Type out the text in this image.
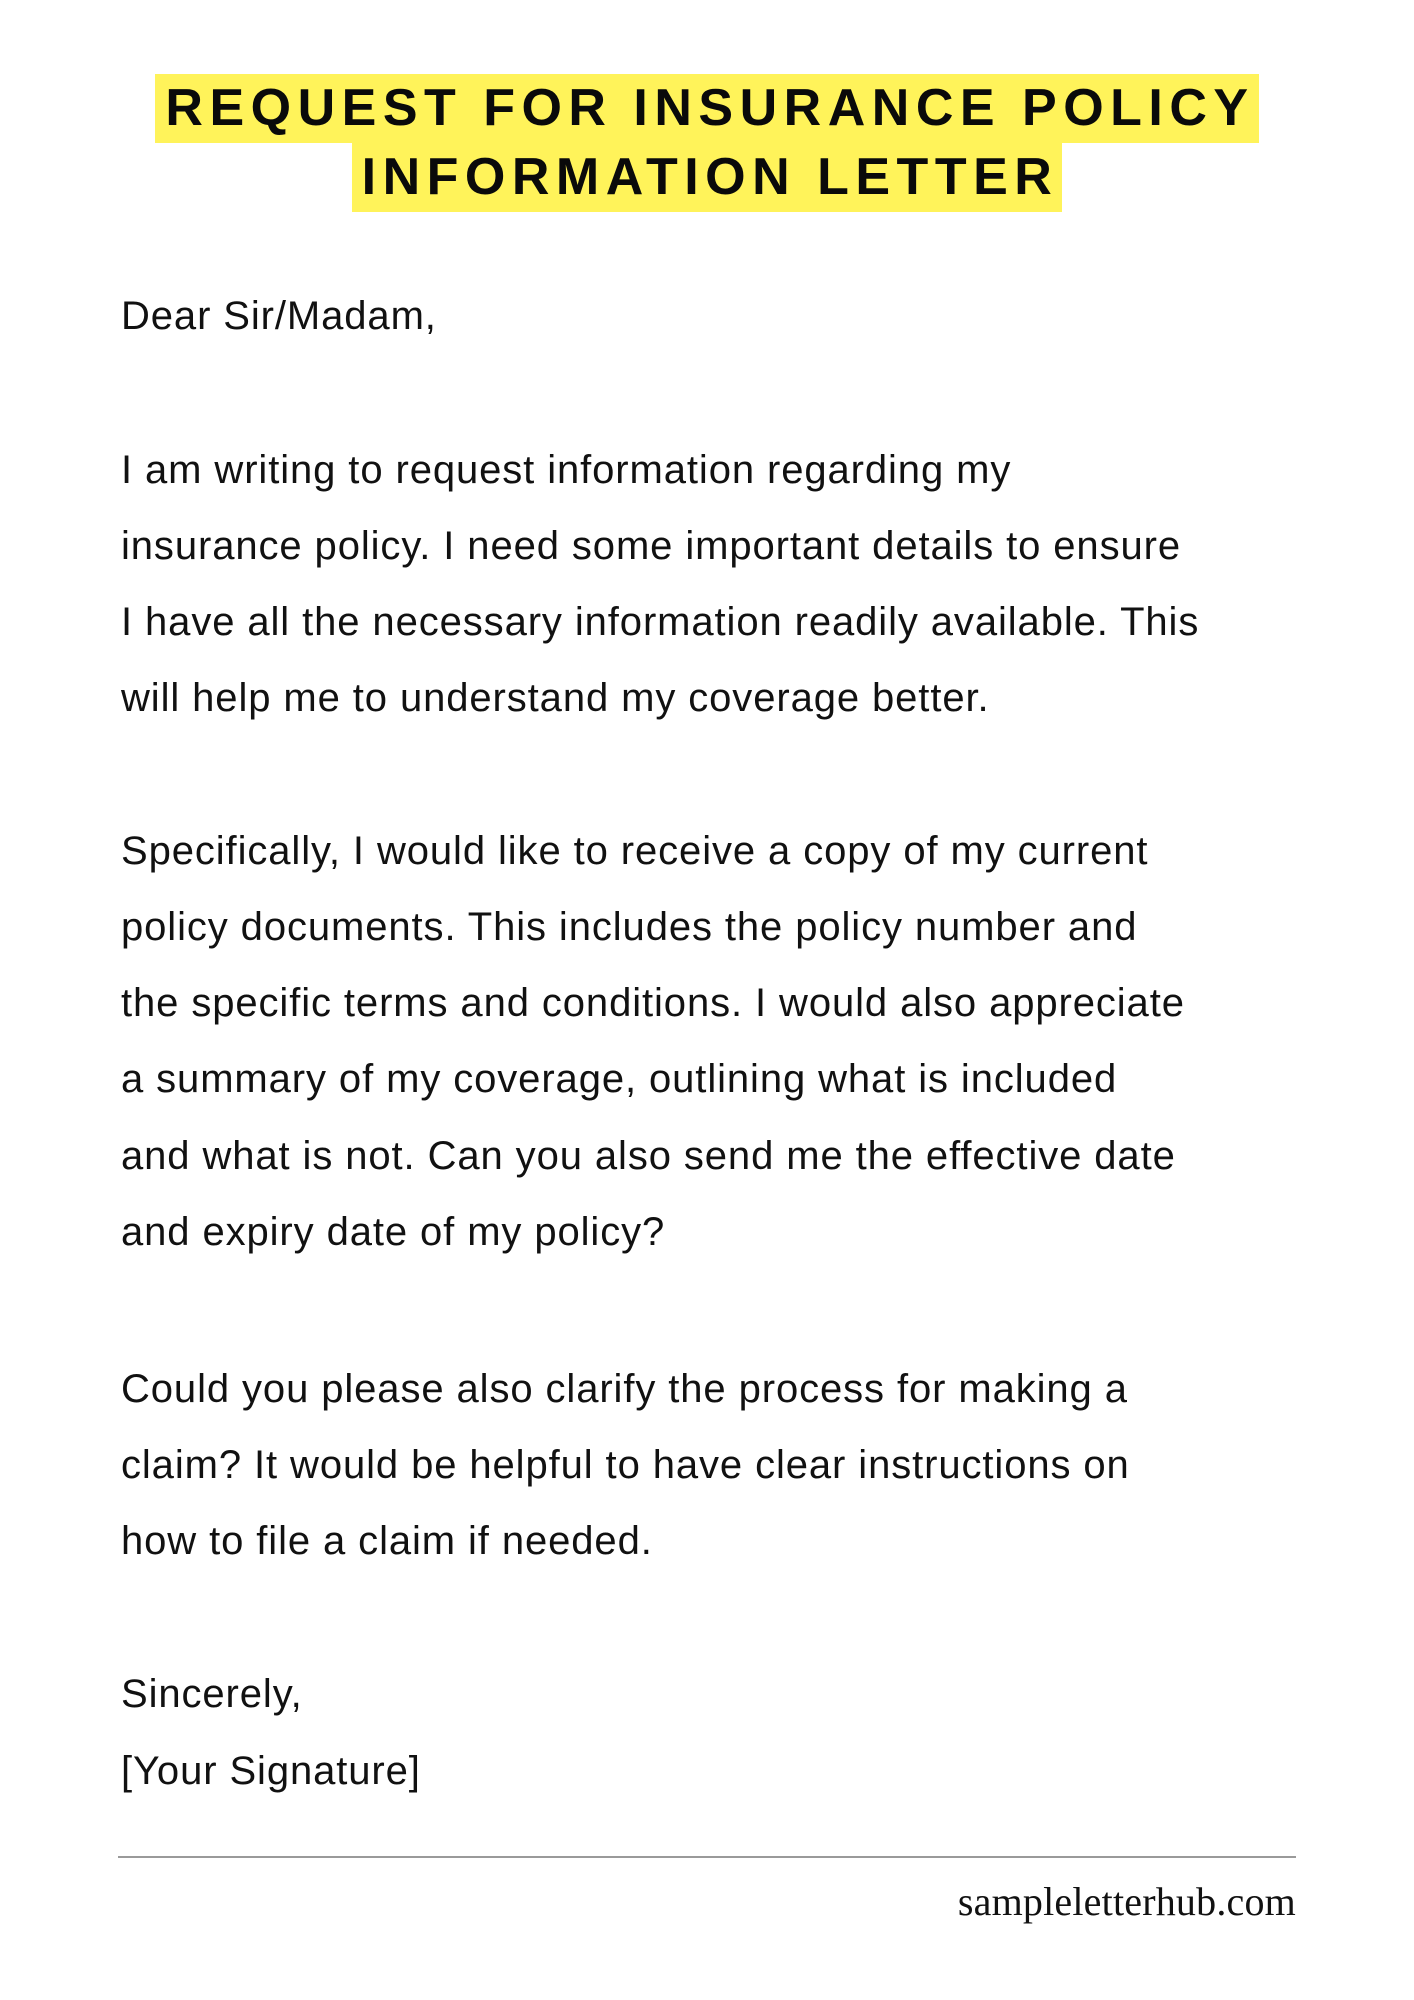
REQUEST FOR INSURANCE POLICY
INFORMATION LETTER
Dear Sir/Madam,
I am writing to request information regarding my
insurance policy. I need some important details to ensure
I have all the necessary information readily available. This
will help me to understand my coverage better.
Specifically, I would like to receive a copy of my current
policy documents. This includes the policy number and
the specific terms and conditions. I would also appreciate
a summary of my coverage, outlining what is included
and what is not. Can you also send me the effective date
and expiry date of my policy?
Could you please also clarify the process for making a
claim? It would be helpful to have clear instructions on
how to file a claim if needed.
Sincerely,
[Your Signature]
sampleletterhub.com
